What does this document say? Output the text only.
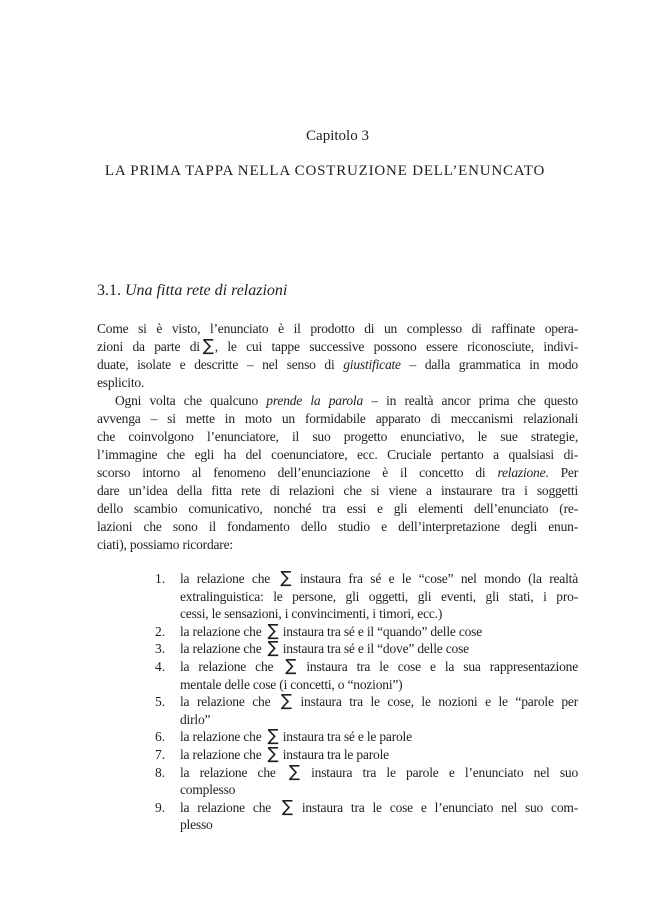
Capitolo 3
LA PRIMA TAPPA NELLA COSTRUZIONE DELL’ENUNCATO
3.1. Una fitta rete di relazioni
Come si è visto, l’enunciato è il prodotto di un complesso di raffinate opera-
zioni da parte di ∑, le cui tappe successive possono essere riconosciute, indivi-
duate, isolate e descritte – nel senso di giustificate – dalla grammatica in modo
esplicito.
Ogni volta che qualcuno prende la parola – in realtà ancor prima che questo
avvenga – si mette in moto un formidabile apparato di meccanismi relazionali
che coinvolgono l’enunciatore, il suo progetto enunciativo, le sue strategie,
l’immagine che egli ha del coenunciatore, ecc. Cruciale pertanto a qualsiasi di-
scorso intorno al fenomeno dell’enunciazione è il concetto di relazione. Per
dare un’idea della fitta rete di relazioni che si viene a instaurare tra i soggetti
dello scambio comunicativo, nonché tra essi e gli elementi dell’enunciato (re-
lazioni che sono il fondamento dello studio e dell’interpretazione degli enun-
ciati), possiamo ricordare:
1.	la relazione che ∑ instaura fra sé e le “cose” nel mondo (la realtà
extralinguistica: le persone, gli oggetti, gli eventi, gli stati, i pro-
cessi, le sensazioni, i convincimenti, i timori, ecc.)
2.	la relazione che ∑ instaura tra sé e il “quando” delle cose
3.	la relazione che ∑ instaura tra sé e il “dove” delle cose
4.	la relazione che ∑ instaura tra le cose e la sua rappresentazione
mentale delle cose (i concetti, o “nozioni”)
5.	la relazione che ∑ instaura tra le cose, le nozioni e le “parole per
dirlo”
6.	la relazione che ∑ instaura tra sé e le parole
7.	la relazione che ∑ instaura tra le parole
8.	la relazione che ∑ instaura tra le parole e l’enunciato nel suo
complesso
9.	la relazione che ∑ instaura tra le cose e l’enunciato nel suo com-
plesso
